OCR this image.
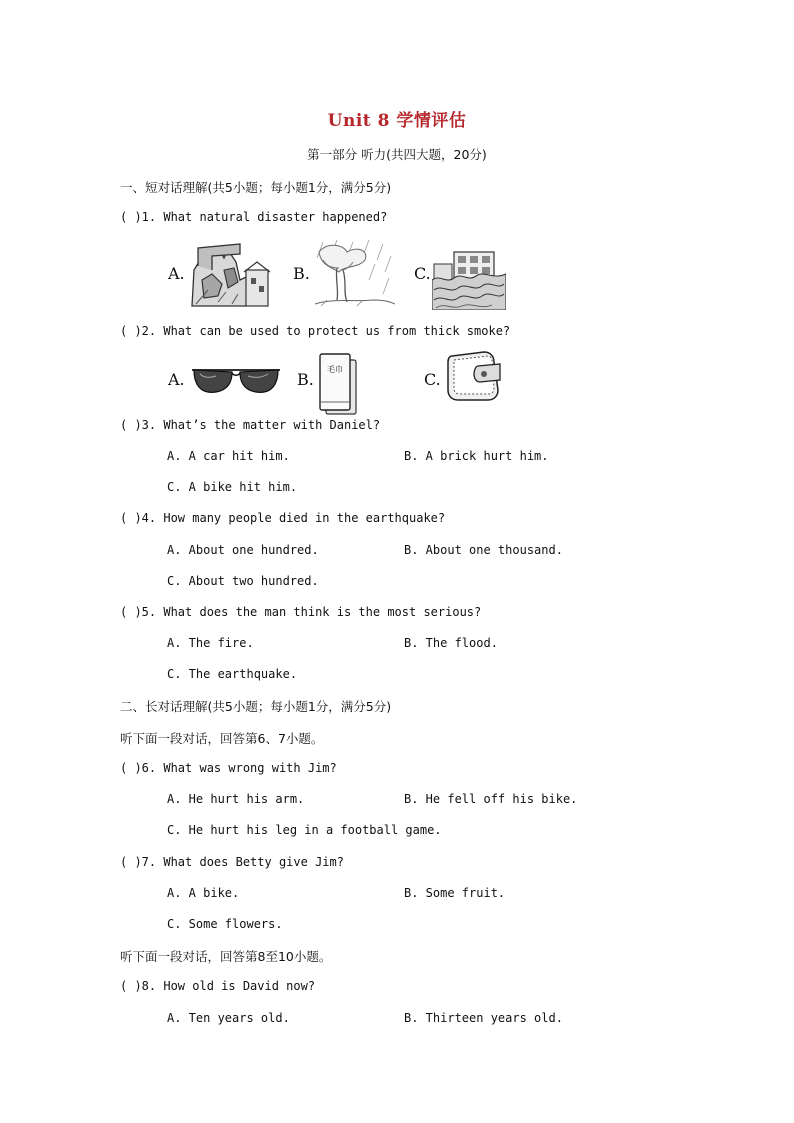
Unit 8 学情评估
第一部分 听力(共四大题，20分)
一、短对话理解(共5小题；每小题1分，满分5分)
( )1. What natural disaster happened?
A.	B.	C.
( )2. What can be used to protect us from thick smoke?
A.	B.
毛巾
C.
( )3. What’s the matter with Daniel?
A. A car hit him.	B. A brick hurt him.
C. A bike hit him.
( )4. How many people died in the earthquake?
A. About one hundred.	B. About one thousand.
C. About two hundred.
( )5. What does the man think is the most serious?
A. The fire.	B. The flood.
C. The earthquake.
二、长对话理解(共5小题；每小题1分，满分5分)
听下面一段对话，回答第6、7小题。
( )6. What was wrong with Jim?
A. He hurt his arm.	B. He fell off his bike.
C. He hurt his leg in a football game.
( )7. What does Betty give Jim?
A. A bike.	B. Some fruit.
C. Some flowers.
听下面一段对话，回答第8至10小题。
( )8. How old is David now?
A. Ten years old.	B. Thirteen years old.
